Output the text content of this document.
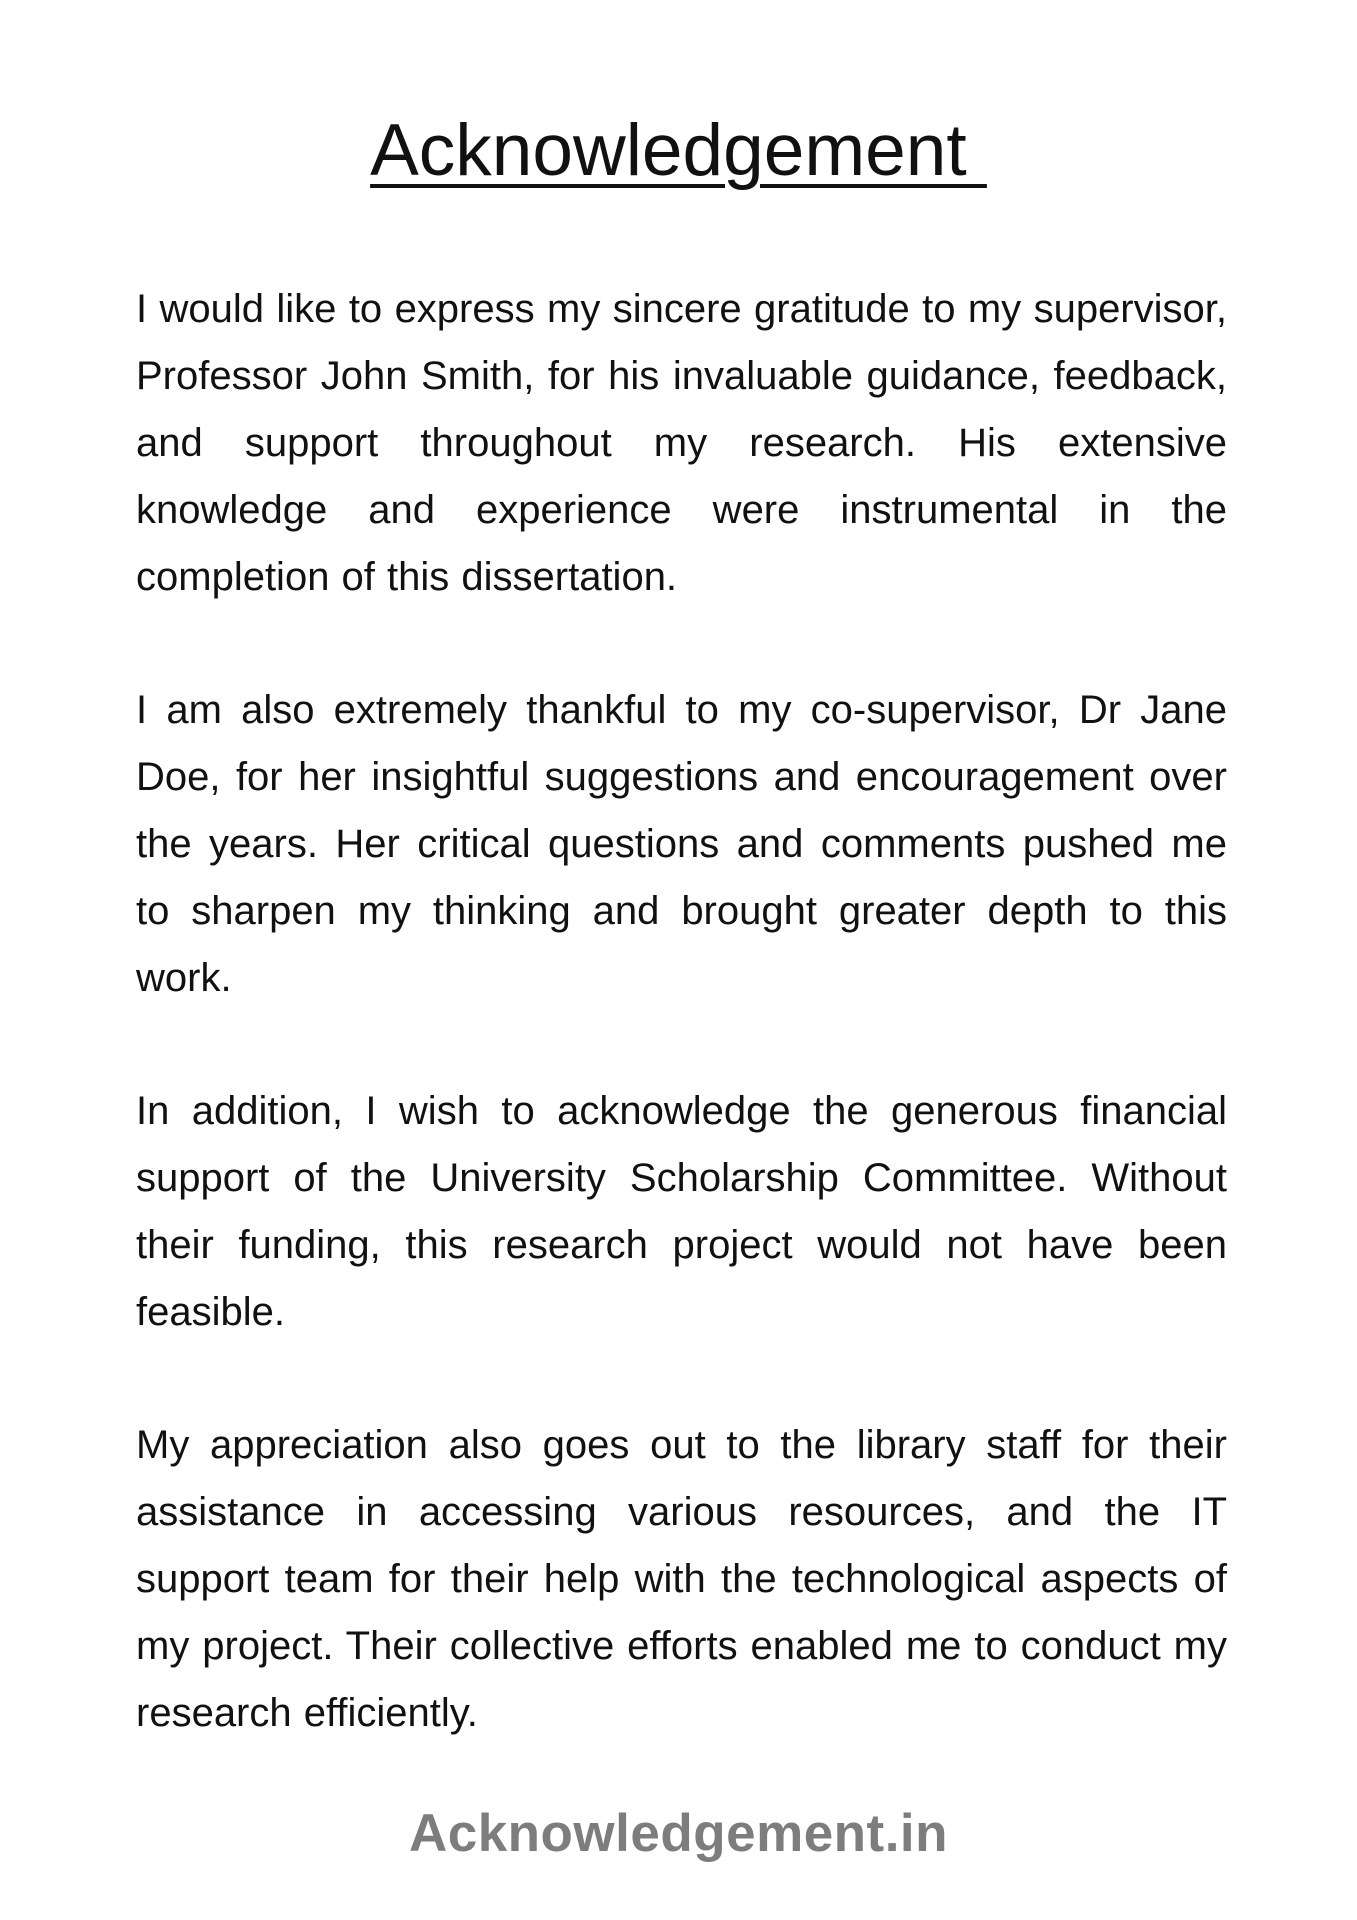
Acknowledgement

I would like to express my sincere gratitude to my supervisor, Professor John Smith, for his invaluable guidance, feedback, and support throughout my research. His extensive knowledge and experience were instrumental in the completion of this dissertation.

I am also extremely thankful to my co-supervisor, Dr Jane Doe, for her insightful suggestions and encouragement over the years. Her critical questions and comments pushed me to sharpen my thinking and brought greater depth to this work.

In addition, I wish to acknowledge the generous financial support of the University Scholarship Committee. Without their funding, this research project would not have been feasible.

My appreciation also goes out to the library staff for their assistance in accessing various resources, and the IT support team for their help with the technological aspects of my project. Their collective efforts enabled me to conduct my research efficiently.

Acknowledgement.in
